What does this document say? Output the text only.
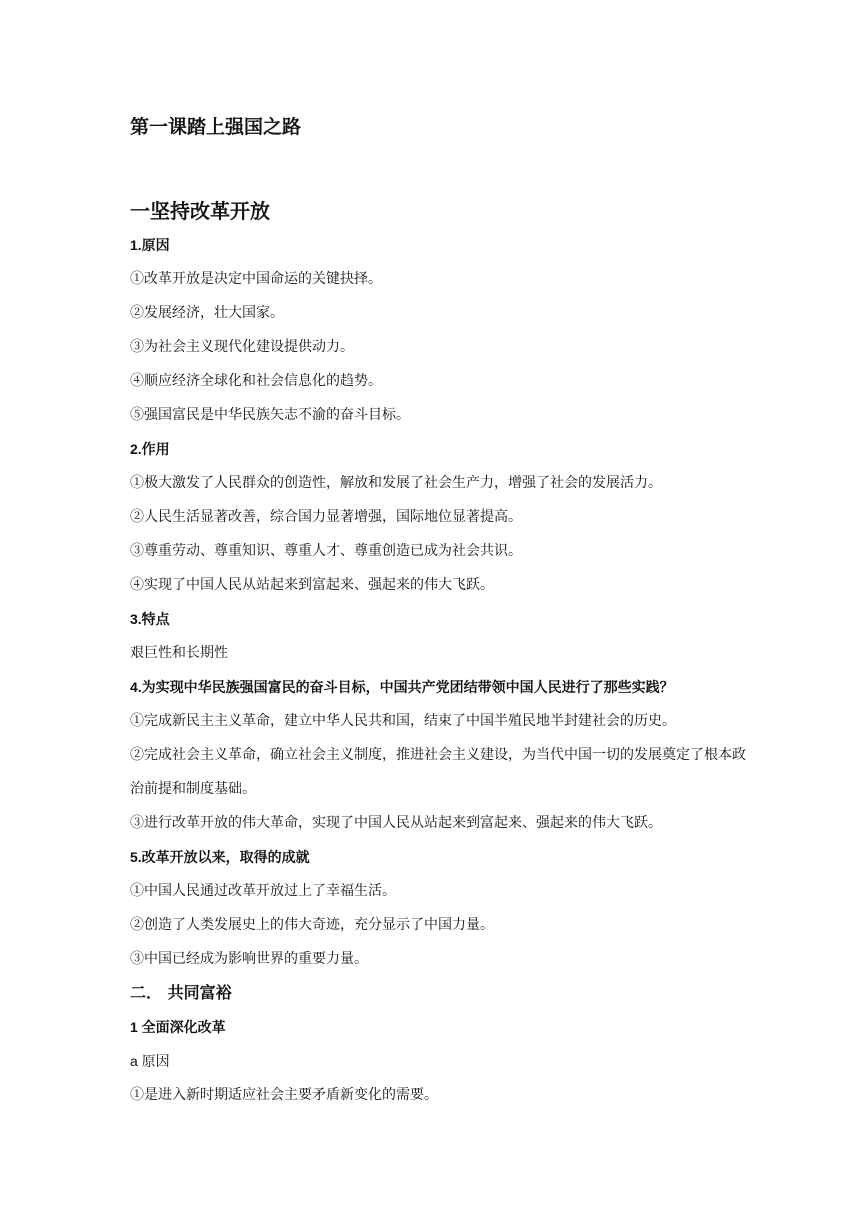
第一课踏上强国之路
一坚持改革开放
1.原因
①改革开放是决定中国命运的关键抉择。
②发展经济，壮大国家。
③为社会主义现代化建设提供动力。
④顺应经济全球化和社会信息化的趋势。
⑤强国富民是中华民族矢志不渝的奋斗目标。
2.作用
①极大激发了人民群众的创造性，解放和发展了社会生产力，增强了社会的发展活力。
②人民生活显著改善，综合国力显著增强，国际地位显著提高。
③尊重劳动、尊重知识、尊重人才、尊重创造已成为社会共识。
④实现了中国人民从站起来到富起来、强起来的伟大飞跃。
3.特点
艰巨性和长期性
4.为实现中华民族强国富民的奋斗目标，中国共产党团结带领中国人民进行了那些实践？
①完成新民主主义革命，建立中华人民共和国，结束了中国半殖民地半封建社会的历史。
②完成社会主义革命，确立社会主义制度，推进社会主义建设，为当代中国一切的发展奠定了根本政治前提和制度基础。
③进行改革开放的伟大革命，实现了中国人民从站起来到富起来、强起来的伟大飞跃。
5.改革开放以来，取得的成就
①中国人民通过改革开放过上了幸福生活。
②创造了人类发展史上的伟大奇迹，充分显示了中国力量。
③中国已经成为影响世界的重要力量。
二． 共同富裕
1 全面深化改革
a 原因
①是进入新时期适应社会主要矛盾新变化的需要。
